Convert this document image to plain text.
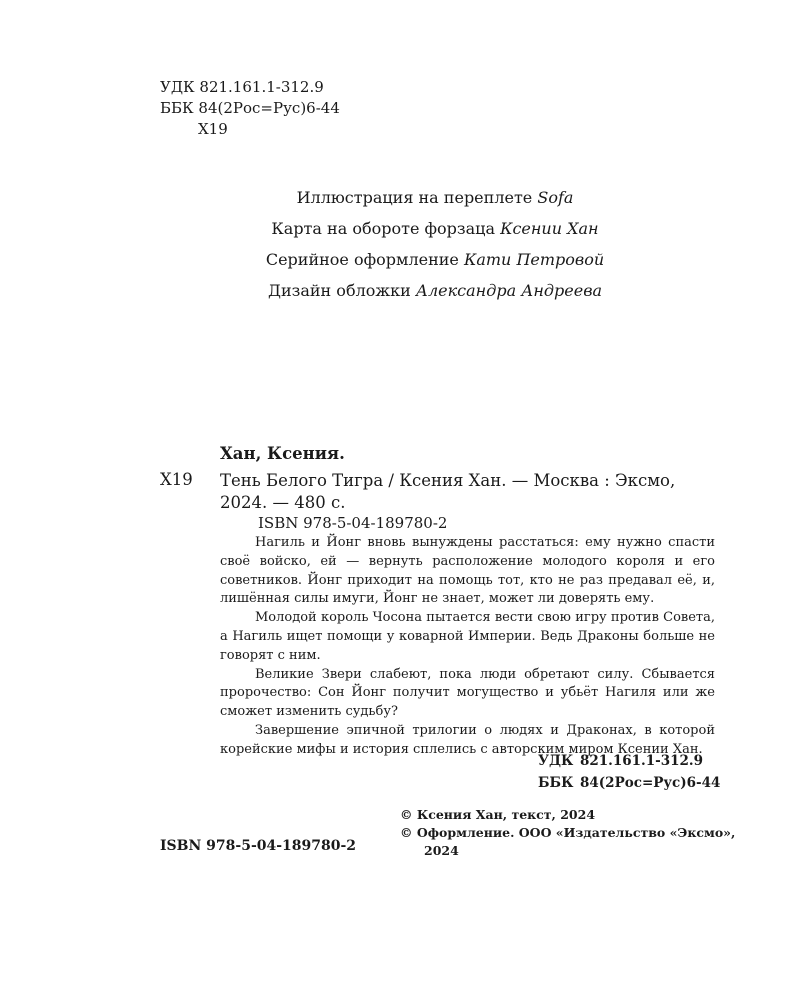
УДК 821.161.1-312.9
ББК 84(2Рос=Рус)6-44
Х19
Иллюстрация на переплете Sofa
Карта на обороте форзаца Ксении Хан
Серийное оформление Кати Петровой
Дизайн обложки Александра Андреева
Хан, Ксения.
Х19 Тень Белого Тигра / Ксения Хан. — Москва : Эксмо, 2024. — 480 с.
ISBN 978-5-04-189780-2

Нагиль и Йонг вновь вынуждены расстаться: ему нужно спасти своё войско, ей — вернуть расположение молодого короля и его советников. Йонг приходит на помощь тот, кто не раз предавал её, и, лишённая силы имуги, Йонг не знает, может ли доверять ему.

Молодой король Чосона пытается вести свою игру против Совета, а Нагиль ищет помощи у коварной Империи. Ведь Драконы больше не говорят с ним.

Великие Звери слабеют, пока люди обретают силу. Сбывается пророчество: Сон Йонг получит могущество и убьёт Нагиля или же сможет изменить судьбу?

Завершение эпичной трилогии о людях и Драконах, в которой корейские мифы и история сплелись с авторским миром Ксении Хан.

УДК 821.161.1-312.9
ББК 84(2Рос=Рус)6-44
© Ксения Хан, текст, 2024
© Оформление. ООО «Издательство «Эксмо»,
2024
ISBN 978-5-04-189780-2
